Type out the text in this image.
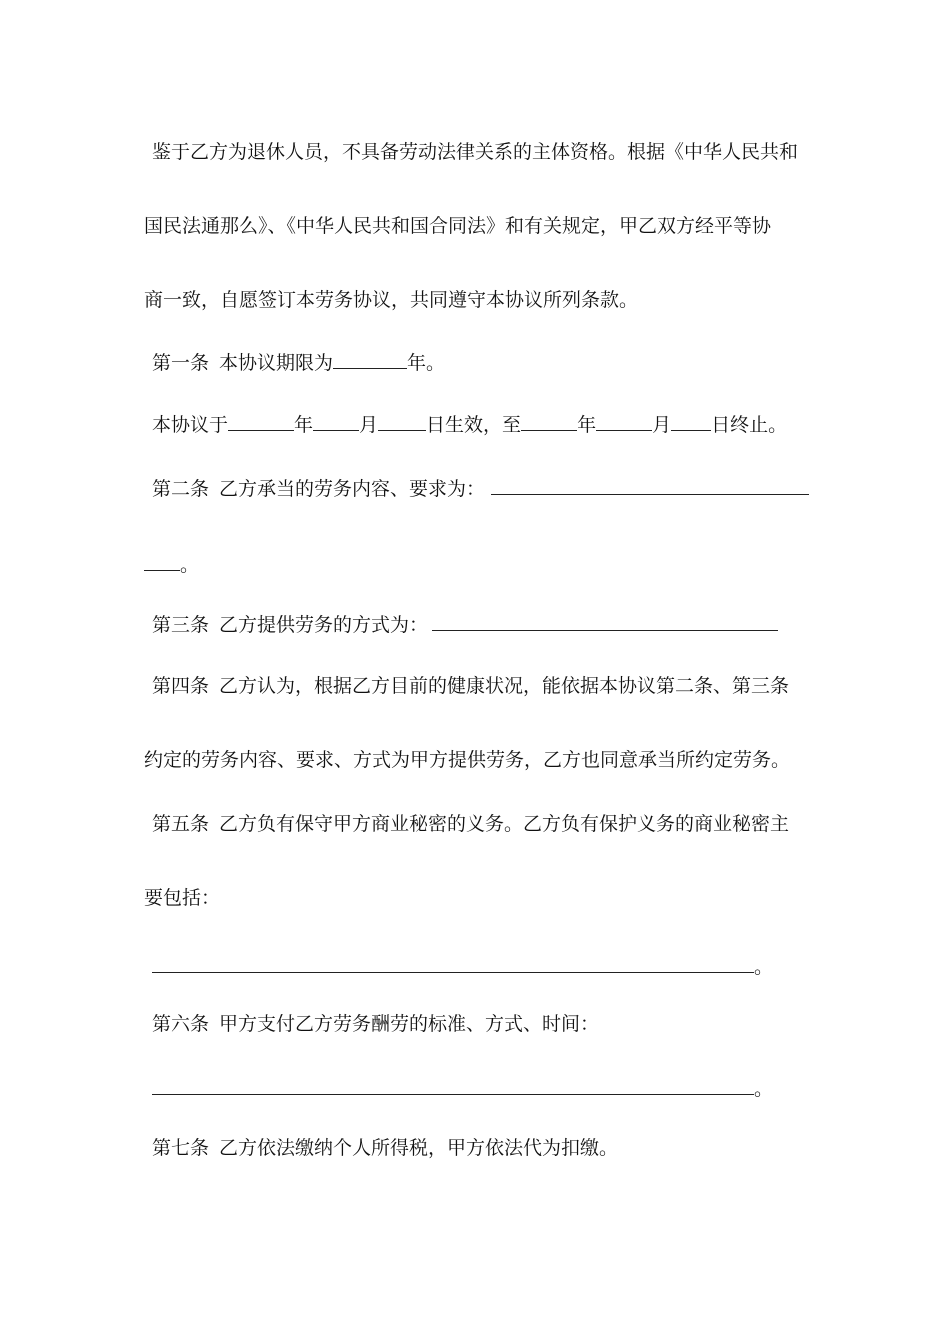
鉴于乙方为退休人员，不具备劳动法律关系的主体资格。根据《中华人民共和
国民法通那么》、《中华人民共和国合同法》和有关规定，甲乙双方经平等协
商一致，自愿签订本劳务协议，共同遵守本协议所列条款。
第一条 本协议期限为	年。
本协议于	年 月	日生效，至	年	月 日终止。
第二条 乙方承当的劳务内容、要求为：
。
第三条 乙方提供劳务的方式为：
第四条 乙方认为，根据乙方目前的健康状况，能依据本协议第二条、第三条
约定的劳务内容、要求、方式为甲方提供劳务，乙方也同意承当所约定劳务。
第五条 乙方负有保守甲方商业秘密的义务。乙方负有保护义务的商业秘密主
要包括：
。
第六条 甲方支付乙方劳务酬劳的标准、方式、时间：
。
第七条 乙方依法缴纳个人所得税，甲方依法代为扣缴。
